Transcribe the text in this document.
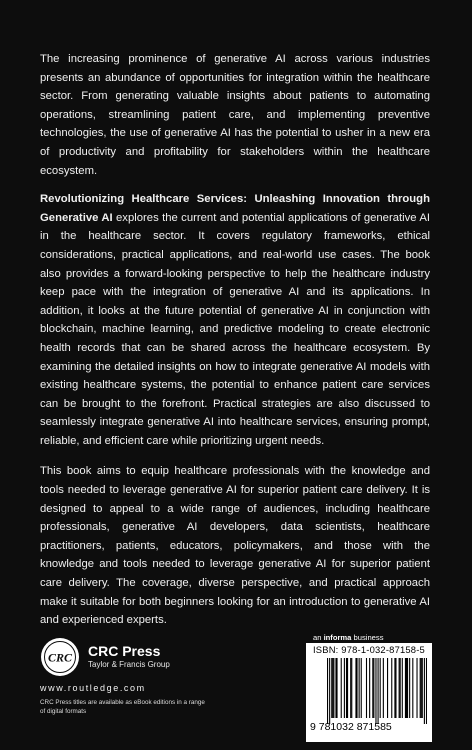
The increasing prominence of generative AI across various industries presents an abundance of opportunities for integration within the healthcare sector. From generating valuable insights about patients to automating operations, streamlining patient care, and implementing preventive technologies, the use of generative AI has the potential to usher in a new era of productivity and profitability for stakeholders within the healthcare ecosystem.

Revolutionizing Healthcare Services: Unleashing Innovation through Generative AI explores the current and potential applications of generative AI in the healthcare sector. It covers regulatory frameworks, ethical considerations, practical applications, and real-world use cases. The book also provides a forward-looking perspective to help the healthcare industry keep pace with the integration of generative AI and its applications. In addition, it looks at the future potential of generative AI in conjunction with blockchain, machine learning, and predictive modeling to create electronic health records that can be shared across the healthcare ecosystem. By examining the detailed insights on how to integrate generative AI models with existing healthcare systems, the potential to enhance patient care services can be brought to the forefront. Practical strategies are also discussed to seamlessly integrate generative AI into healthcare services, ensuring prompt, reliable, and efficient care while prioritizing urgent needs.

This book aims to equip healthcare professionals with the knowledge and tools needed to leverage generative AI for superior patient care delivery. It is designed to appeal to a wide range of audiences, including healthcare professionals, generative AI developers, data scientists, healthcare practitioners, patients, educators, policymakers, and those with the knowledge and tools needed to leverage generative AI for superior patient care delivery. The coverage, diverse perspective, and practical approach make it suitable for both beginners looking for an introduction to generative AI and experienced experts.

CRC CRC Press
Taylor & Francis Group
www.routledge.com
CRC Press titles are available as eBook editions in a range of digital formats
an informa business
ISBN: 978-1-032-87158-5
9 781032 871585
